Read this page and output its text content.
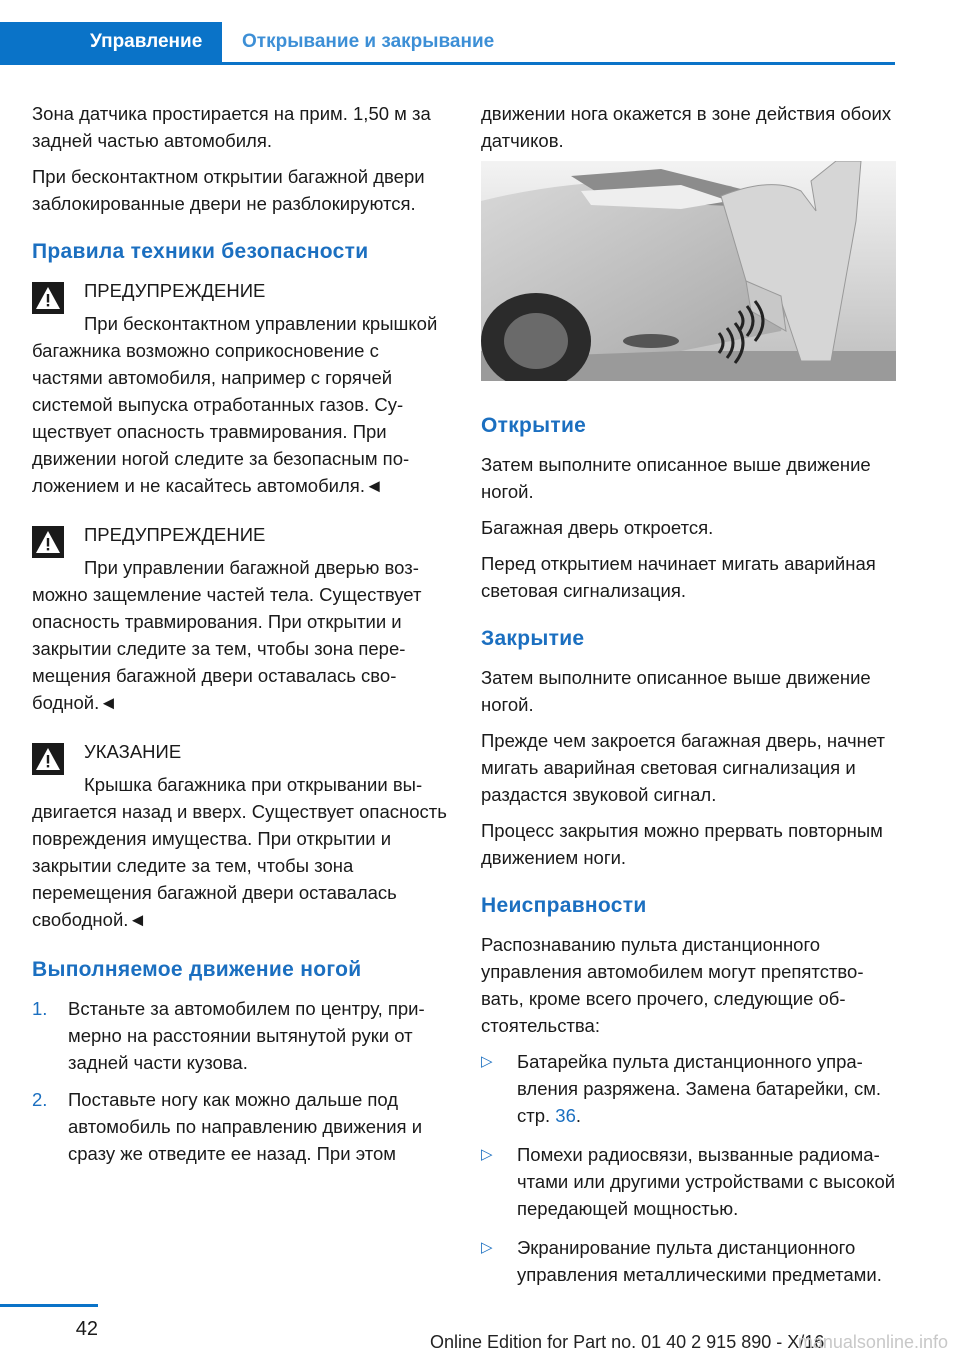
Управление Открывание и закрывание

Зона датчика простирается на прим. 1,50 м за задней частью автомобиля.

При бесконтактном открытии багажной двери заблокированные двери не разблокируются.

Правила техники безопасности
ПРЕДУПРЕЖДЕНИЕ
При бесконтактном управлении крышкой багажника возможно соприкосновение с частями автомобиля, например с горячей системой выпуска отработанных газов. Существует опасность травмирования. При движении ногой следите за безопасным положением и не касайтесь автомобиля.◄
ПРЕДУПРЕЖДЕНИЕ
При управлении багажной дверью возможно защемление частей тела. Существует опасность травмирования. При открытии и закрытии следите за тем, чтобы зона перемещения багажной двери оставалась свободной.◄
УКАЗАНИЕ
Крышка багажника при открывании выдвигается назад и вверх. Существует опасность повреждения имущества. При открытии и закрытии следите за тем, чтобы зона перемещения багажной двери оставалась свободной.◄
Выполняемое движение ногой
1. Встаньте за автомобилем по центру, примерно на расстоянии вытянутой руки от задней части кузова.
2. Поставьте ногу как можно дальше под автомобиль по направлению движения и сразу же отведите ее назад. При этом

движении нога окажется в зоне действия обоих датчиков.

Открытие

Затем выполните описанное выше движение ногой.

Багажная дверь откроется.

Перед открытием начинает мигать аварийная световая сигнализация.

Закрытие

Затем выполните описанное выше движение ногой.

Прежде чем закроется багажная дверь, начнет мигать аварийная световая сигнализация и раздастся звуковой сигнал.

Процесс закрытия можно прервать повторным движением ноги.

Неисправности

Распознаванию пульта дистанционного управления автомобилем могут препятствовать, кроме всего прочего, следующие обстоятельства:

▷ Батарейка пульта дистанционного управления разряжена. Замена батарейки, см. стр. 36.
▷ Помехи радиосвязи, вызванные радиомачтами или другими устройствами с высокой передающей мощностью.
▷ Экранирование пульта дистанционного управления металлическими предметами.
42
Online Edition for Part no. 01 40 2 915 890 - X/16
manualsonline.info
